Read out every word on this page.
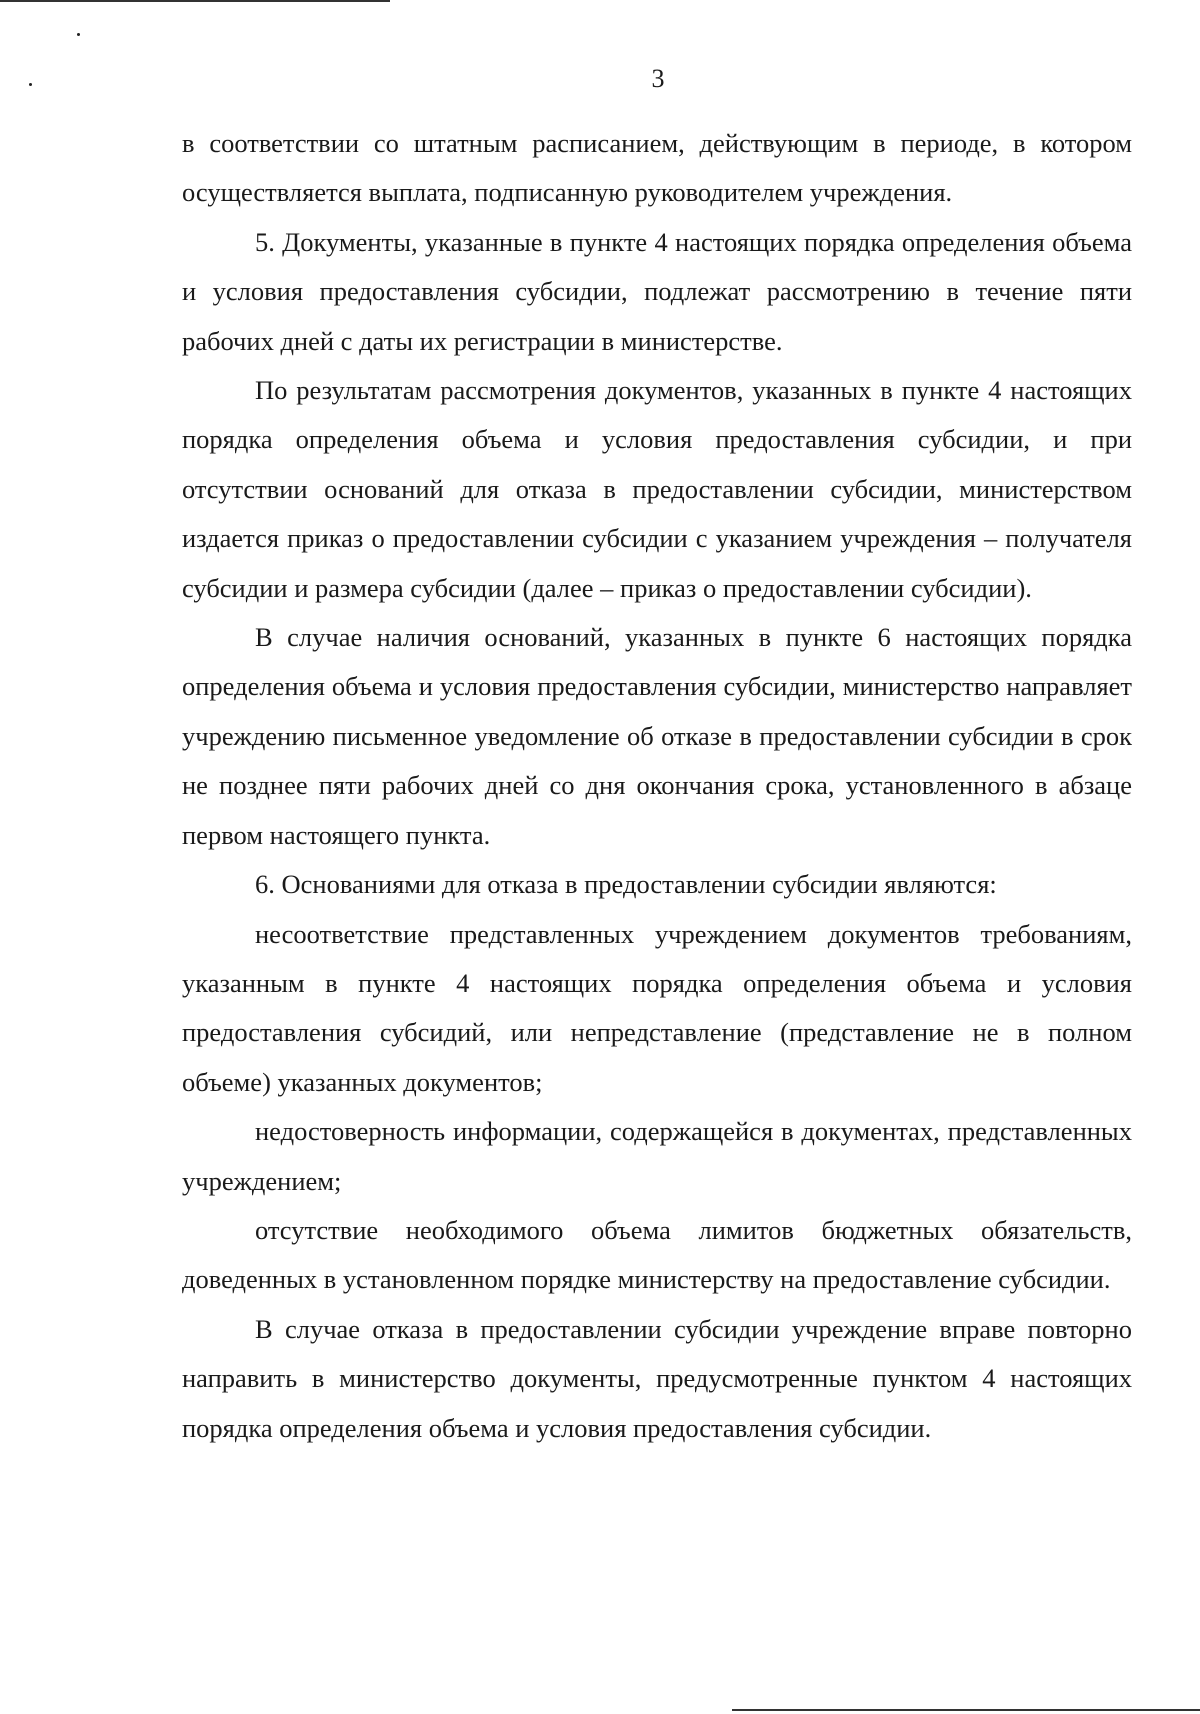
3

в соответствии со штатным расписанием, действующим в периоде, в котором осуществляется выплата, подписанную руководителем учреждения.

5. Документы, указанные в пункте 4 настоящих порядка определения объема и условия предоставления субсидии, подлежат рассмотрению в течение пяти рабочих дней с даты их регистрации в министерстве.

По результатам рассмотрения документов, указанных в пункте 4 настоящих порядка определения объема и условия предоставления субсидии, и при отсутствии оснований для отказа в предоставлении субсидии, министерством издается приказ о предоставлении субсидии с указанием учреждения – получателя субсидии и размера субсидии (далее – приказ о предоставлении субсидии).

В случае наличия оснований, указанных в пункте 6 настоящих порядка определения объема и условия предоставления субсидии, министерство направляет учреждению письменное уведомление об отказе в предоставлении субсидии в срок не позднее пяти рабочих дней со дня окончания срока, установленного в абзаце первом настоящего пункта.

6. Основаниями для отказа в предоставлении субсидии являются:

несоответствие представленных учреждением документов требованиям, указанным в пункте 4 настоящих порядка определения объема и условия предоставления субсидий, или непредставление (представление не в полном объеме) указанных документов;

недостоверность информации, содержащейся в документах, представленных учреждением;

отсутствие необходимого объема лимитов бюджетных обязательств, доведенных в установленном порядке министерству на предоставление субсидии.

В случае отказа в предоставлении субсидии учреждение вправе повторно направить в министерство документы, предусмотренные пунктом 4 настоящих порядка определения объема и условия предоставления субсидии.
